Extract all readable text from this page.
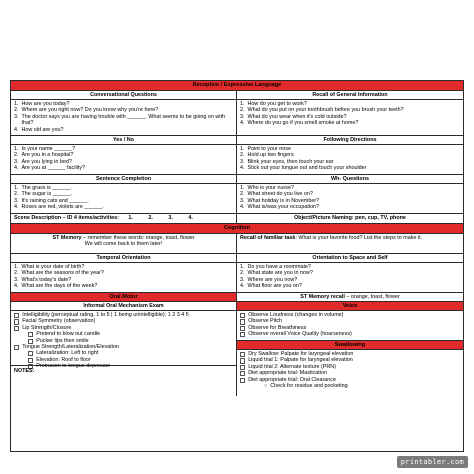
Receptive / Expressive Language
Conversational Questions	Recall of General Information
1. How are you today?
2. Where are you right now? Do you know why you're here?
3. The doctor says you are having trouble with ______. What seems to be going on with that?
4. How old are you?
1. How do you get to work?
2. What do you put on your toothbrush before you brush your teeth?
3. What do you wear when it's cold outside?
4. Where do you go if you smell smoke at home?
Yes / No	Following Directions
1. Is your name ______?
2. Are you in a hospital?
3. Are you lying in bed?
4. Are you at ______ facility?
1. Point to your nose
2. Hold up two fingers
3. Blink your eyes, then touch your ear
4. Stick out your tongue out and touch your shoulder
Sentence Completion	Wh- Questions
1. The grass is ______.
2. The sugar is ______.
3. It's raining cats and ______.
4. Roses are red, violets are ______.
1. Who is your nurse?
2. What street do you live on?
3. What holiday is in November?
4. What is/was your occupation?
Scene Description – ID 4 items/activities: 1.	2.	3.	4.	Object/Picture Naming: pen, cup, TV, phone
Cognition
ST Memory – remember these words: orange, toast, flower
We will come back to them later!
Recall of familiar task: What is your favorite food? List the steps to make it.
Temporal Orientation	Orientation to Space and Self
1. What is your date of birth?
2. What are the seasons of the year?
3. What's today's date?
4. What are the days of the week?
1. Do you have a roommate?
2. What state are you in now?
3. Where are you now?
4. What floor are you on?
Oral Motor
Informal Oral Mechanism Exam
Intelligibility (perceptual rating, 1 to 5 | 1 being unintelligible): 1 2 3 4 5
Facial Symmetry (observation)
Lip Strength/Closure
Pretend to blow out candle
Pucker lips then smile
Tongue Strength/Lateralization/Elevation
Lateralization: Left to right
Elevation: Roof to floor
Protrusion to tongue depressor
NOTES:
ST Memory recall – orange, toast, flower
Voice
Observe Loudness (changes in volume)
Observe Pitch
Observe for Breathiness
Observe overall Voice Quality (hoarseness)
Swallowing
Dry Swallow: Palpate for laryngeal elevation
Liquid trial 1: Palpate for laryngeal elevation
Liquid trial 2: Alternate texture (PRN)
Diet appropriate trial: Mastication
Diet appropriate trial: Oral Clearance
○ Check for residue and pocketing
printabler.com
